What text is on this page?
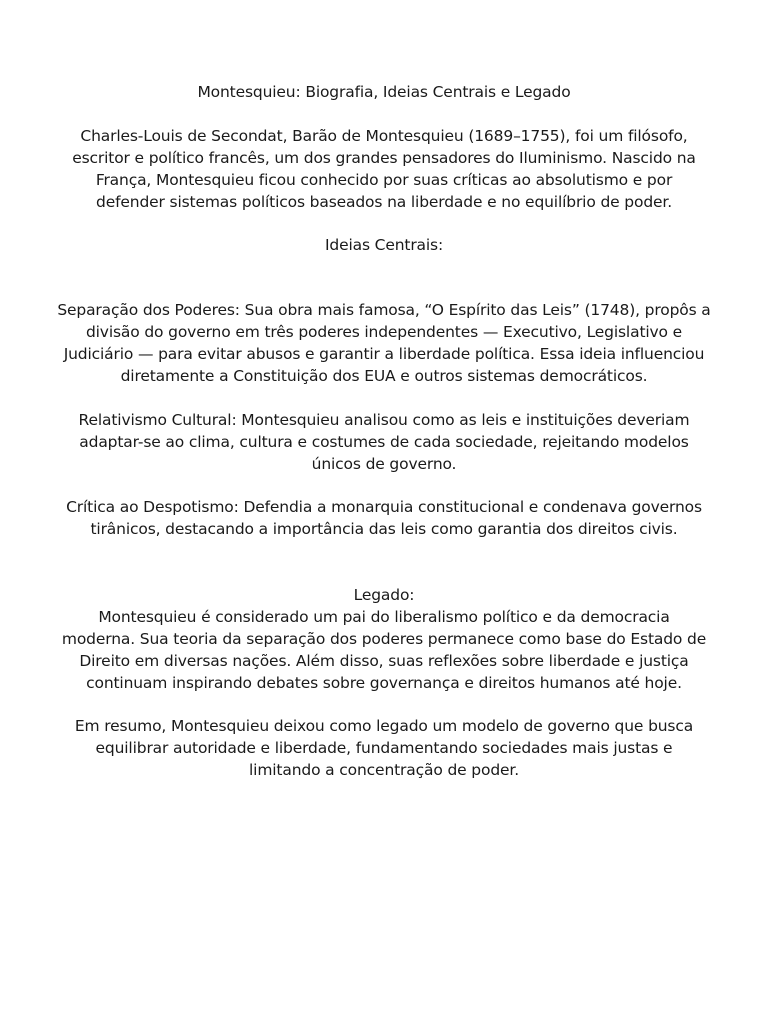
Montesquieu: Biografia, Ideias Centrais e Legado

Charles-Louis de Secondat, Barão de Montesquieu (1689–1755), foi um filósofo,
escritor e político francês, um dos grandes pensadores do Iluminismo. Nascido na
França, Montesquieu ficou conhecido por suas críticas ao absolutismo e por
defender sistemas políticos baseados na liberdade e no equilíbrio de poder.

Ideias Centrais:

Separação dos Poderes: Sua obra mais famosa, “O Espírito das Leis” (1748), propôs a
divisão do governo em três poderes independentes — Executivo, Legislativo e
Judiciário — para evitar abusos e garantir a liberdade política. Essa ideia influenciou
diretamente a Constituição dos EUA e outros sistemas democráticos.

Relativismo Cultural: Montesquieu analisou como as leis e instituições deveriam
adaptar-se ao clima, cultura e costumes de cada sociedade, rejeitando modelos
únicos de governo.

Crítica ao Despotismo: Defendia a monarquia constitucional e condenava governos
tirânicos, destacando a importância das leis como garantia dos direitos civis.

Legado:
Montesquieu é considerado um pai do liberalismo político e da democracia
moderna. Sua teoria da separação dos poderes permanece como base do Estado de
Direito em diversas nações. Além disso, suas reflexões sobre liberdade e justiça
continuam inspirando debates sobre governança e direitos humanos até hoje.

Em resumo, Montesquieu deixou como legado um modelo de governo que busca
equilibrar autoridade e liberdade, fundamentando sociedades mais justas e
limitando a concentração de poder.
